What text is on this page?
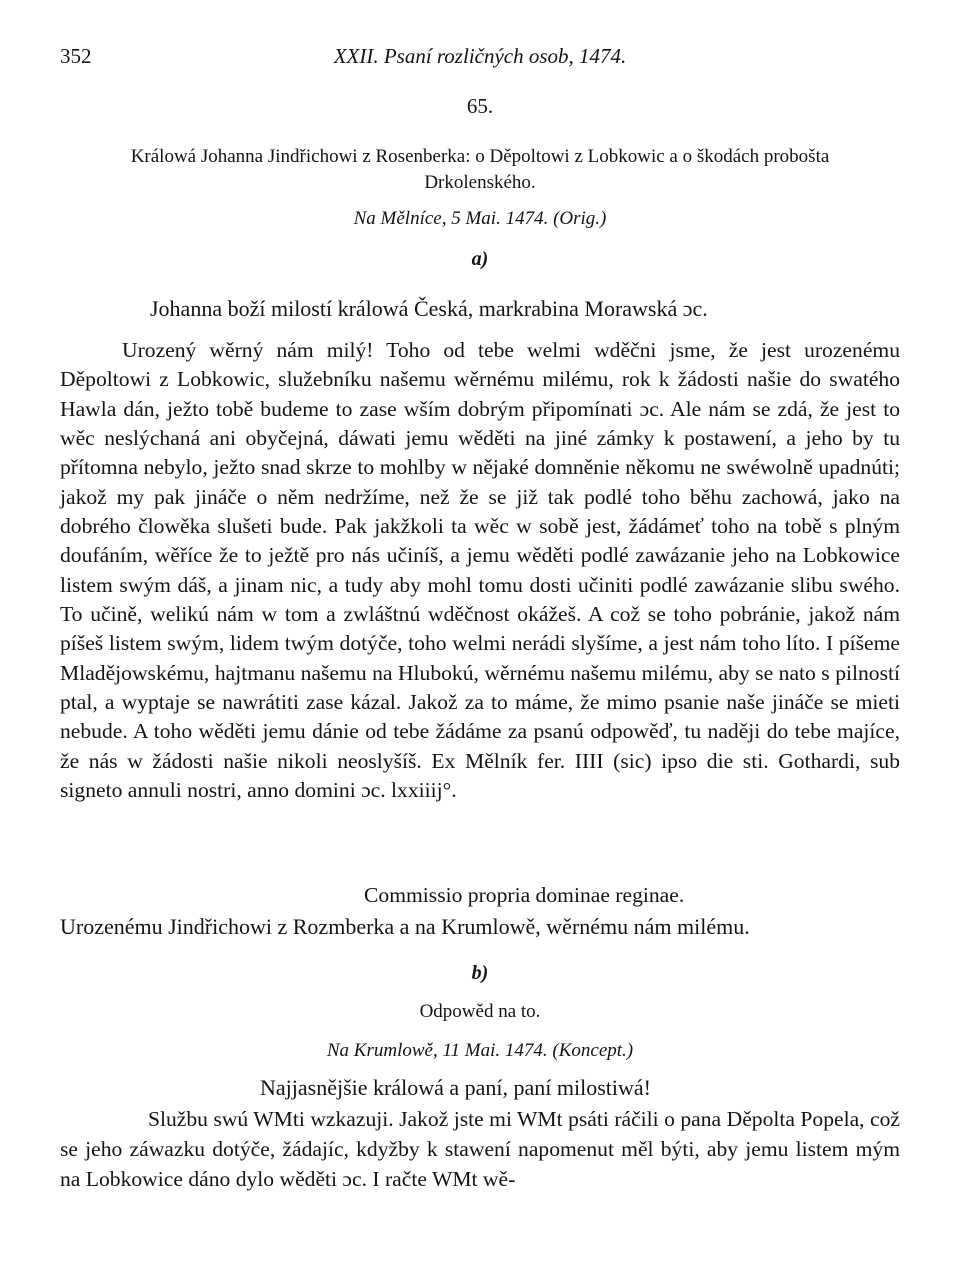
352	XXII. Psaní rozličných osob, 1474.
65.
Králowá Johanna Jindřichowi z Rosenberka: o Děpoltowi z Lobkowic a o škodách probošta Drkolenského.
Na Mělníce, 5 Mai. 1474. (Orig.)
a)
Johanna boží milostí králowá Česká, markrabina Morawská ɔc.

Urozený wěrný nám milý! Toho od tebe welmi wděčni jsme, že jest urozenému Děpoltowi z Lobkowic, služebníku našemu wěrnému milému, rok k žádosti našie do swatého Hawla dán, ježto tobě budeme to zase wším dobrým připomínati ɔc. Ale nám se zdá, že jest to wěc neslýchaná ani obyčejná, dáwati jemu wěděti na jiné zámky k postawení, a jeho by tu přítomna nebylo, ježto snad skrze to mohlby w nějaké domněnie někomu ne swéwolně upadnúti; jakož my pak jináče o něm nedržíme, než že se již tak podlé toho běhu zachowá, jako na dobrého člowěka slušeti bude. Pak jakžkoli ta wěc w sobě jest, žádámeť toho na tobě s plným doufáním, wěříce že to ježtě pro nás učiníš, a jemu wěděti podlé zawázanie jeho na Lobkowice listem swým dáš, a jinam nic, a tudy aby mohl tomu dosti učiniti podlé zawázanie slibu swého. To učině, welikú nám w tom a zwláštnú wděčnost okážeš. A což se toho pobránie, jakož nám píšeš listem swým, lidem twým dotýče, toho welmi nerádi slyšíme, a jest nám toho líto. I píšeme Mladějowskému, hajtmanu našemu na Hlubokú, wěrnému našemu milému, aby se nato s pilností ptal, a wyptaje se nawrátiti zase kázal. Jakož za to máme, že mimo psanie naše jináče se mieti nebude. A toho wěděti jemu dánie od tebe žádáme za psanú odpowěď, tu naději do tebe majíce, že nás w žádosti našie nikoli neoslyšíš. Ex Mělník fer. IIII (sic) ipso die sti. Gothardi, sub signeto annuli nostri, anno domini ɔc. lxxiiij°.

Commissio propria dominae reginae.
Urozenému Jindřichowi z Rozmberka a na Krumlowě, wěrnému nám milému.
b)
Odpowěd na to.
Na Krumlowě, 11 Mai. 1474. (Koncept.)
Najjasnějšie králowá a paní, paní milostiwá!

Službu swú WMti wzkazuji. Jakož jste mi WMt psáti ráčili o pana Děpolta Popela, což se jeho záwazku dotýče, žádajíc, kdyžby k stawení napomenut měl býti, aby jemu listem mým na Lobkowice dáno dylo wěděti ɔc. I račte WMt wě-
